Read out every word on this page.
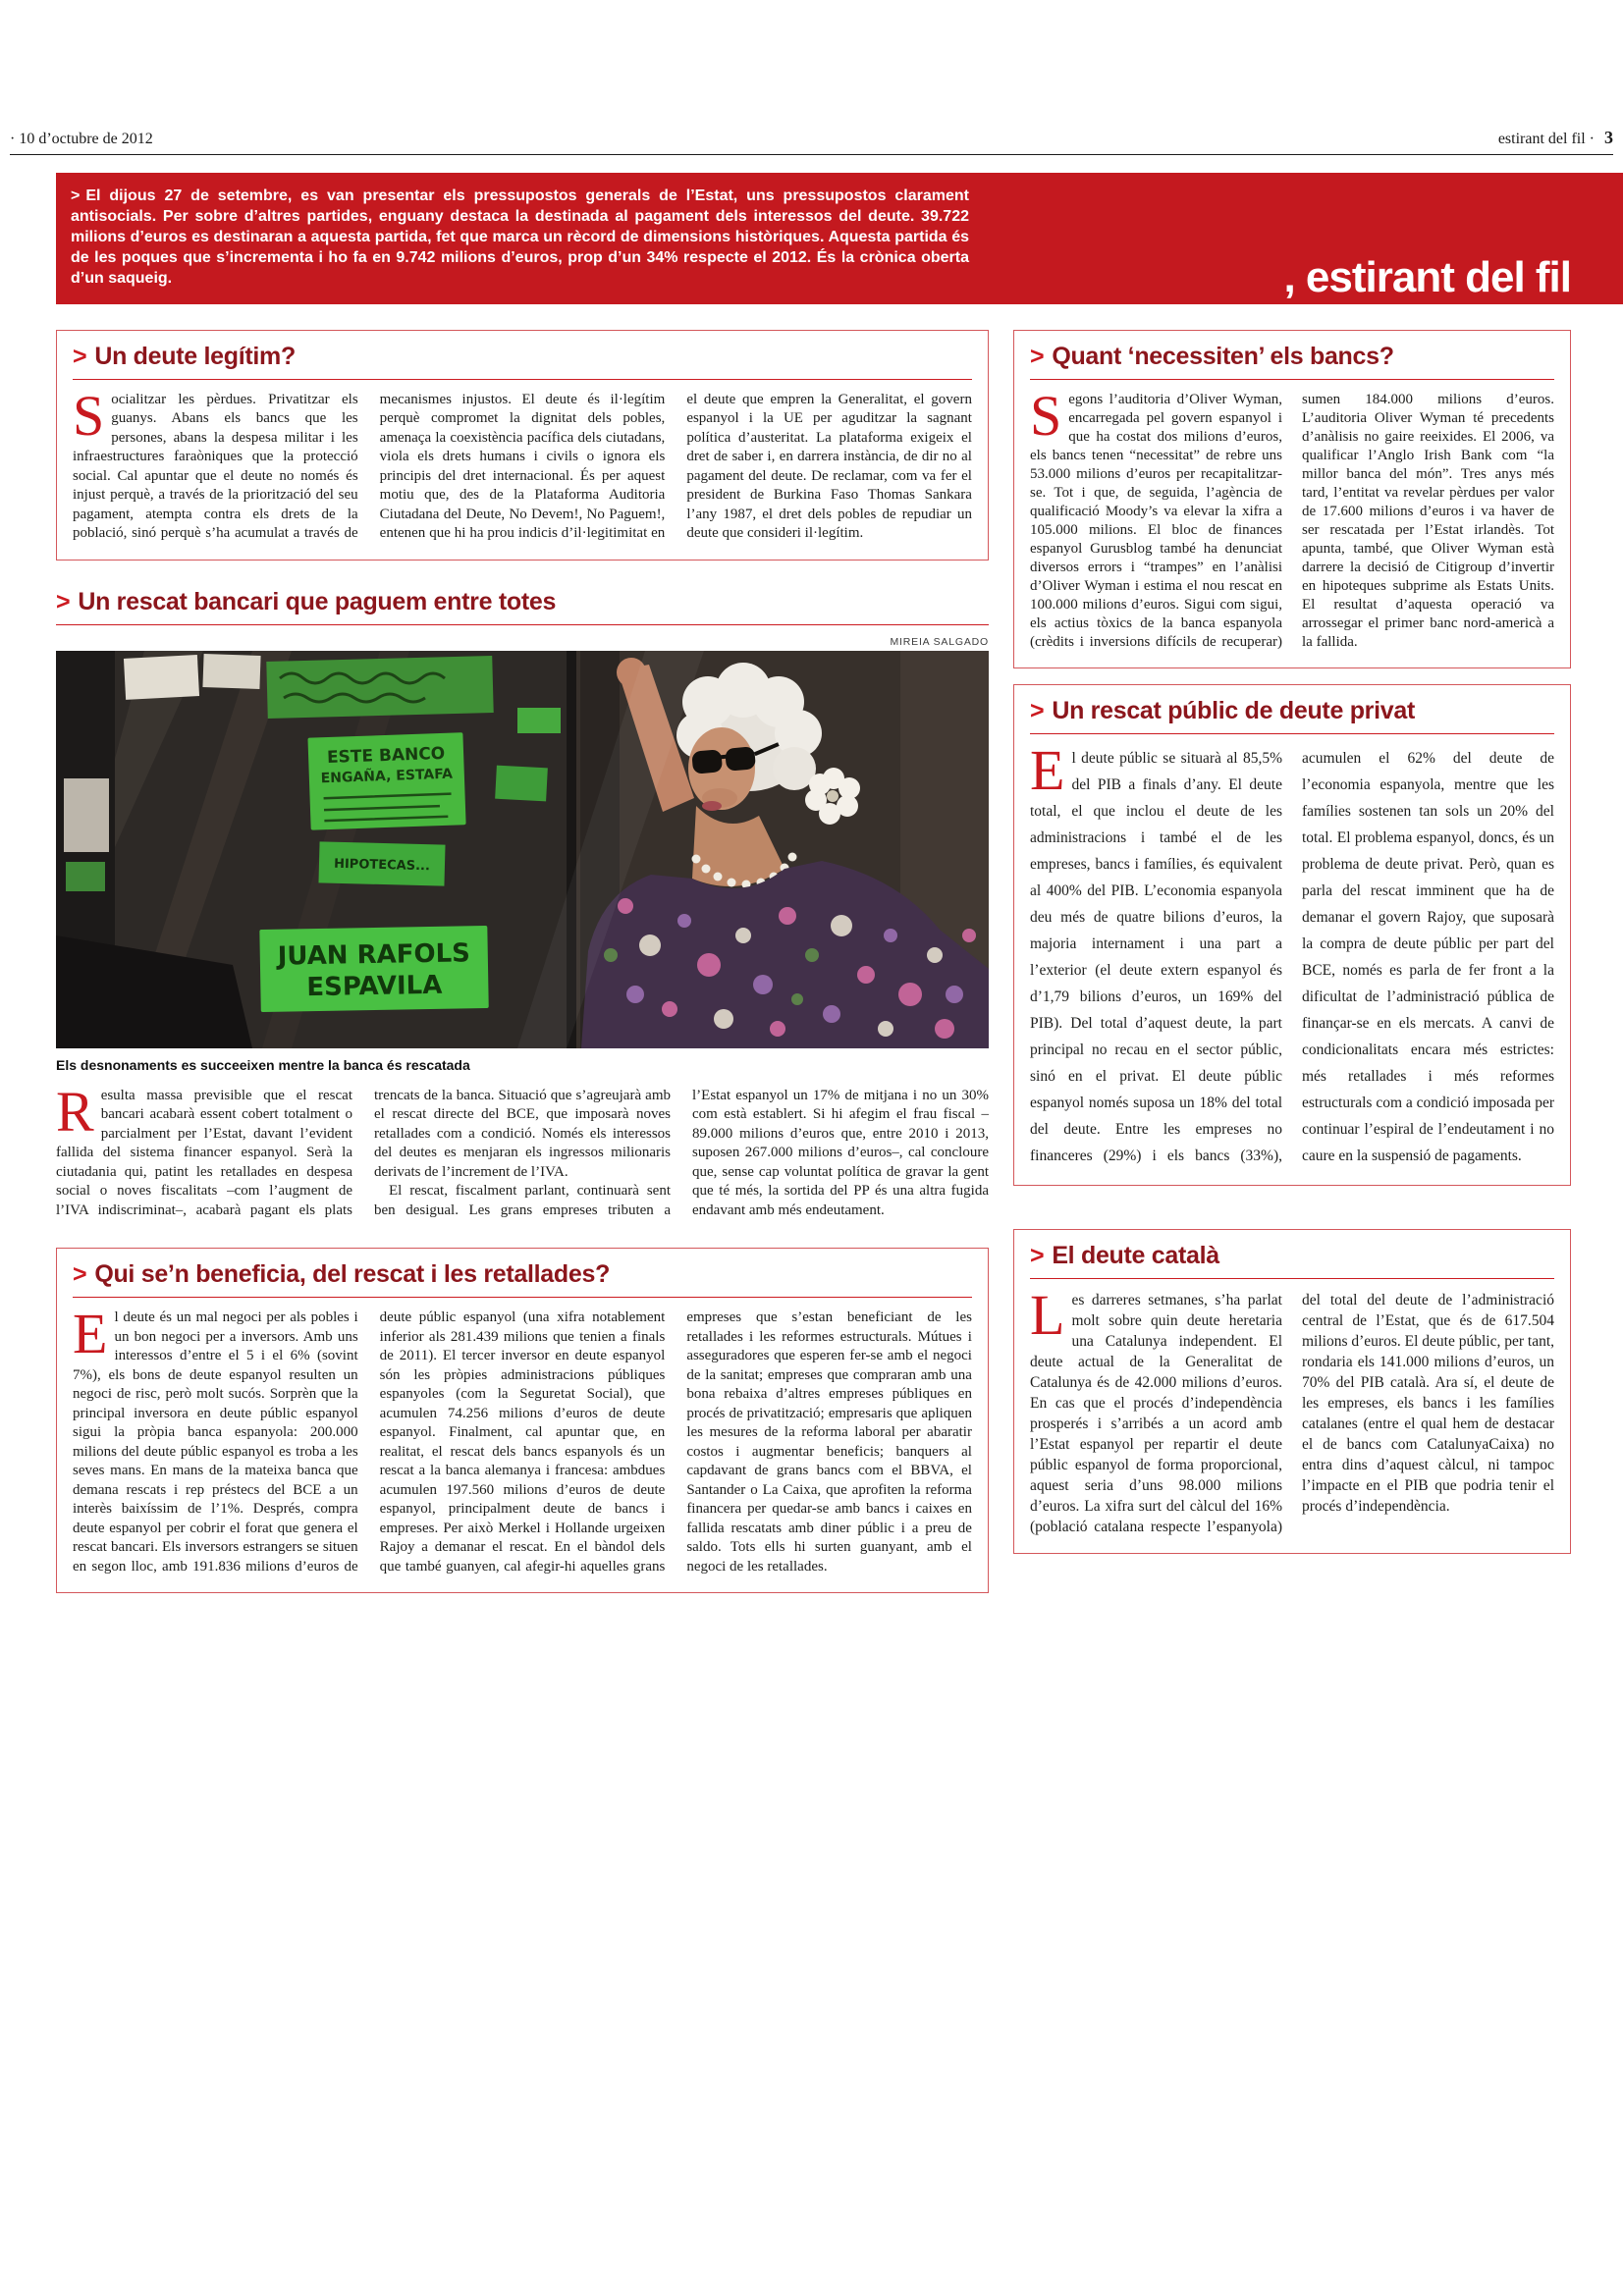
· 10 d’octubre de 2012	estirant del fil · 3
> El dijous 27 de setembre, es van presentar els pressupostos generals de l’Estat, uns pressupostos clarament antisocials. Per sobre d’altres partides, enguany destaca la destinada al pagament dels interessos del deute. 39.722 milions d’euros es destinaran a aquesta partida, fet que marca un rècord de dimensions històriques. Aquesta partida és de les poques que s’incrementa i ho fa en 9.742 milions d’euros, prop d’un 34% respecte el 2012. És la crònica oberta d’un saqueig.	, estirant del fil
> Un deute legítim?

Socialitzar les pèrdues. Privatitzar els guanys. Abans els bancs que les persones, abans la despesa militar i les infraestructures faraòniques que la protecció social. Cal apuntar que el deute no només és injust perquè, a través de la priorització del seu pagament, atempta contra els drets de la població, sinó perquè s’ha acumulat a través de mecanismes injustos. El deute és il·legítim perquè compromet la dignitat dels pobles, amenaça la coexistència pacífica dels ciutadans, viola els drets humans i civils o ignora els principis del dret internacional. És per aquest motiu que, des de la Plataforma Auditoria Ciutadana del Deute, No Devem!, No Paguem!, entenen que hi ha prou indicis d’il·legitimitat en el deute que empren la Generalitat, el govern espanyol i la UE per aguditzar la sagnant política d’austeritat. La plataforma exigeix el dret de saber i, en darrera instància, de dir no al pagament del deute. De reclamar, com va fer el president de Burkina Faso Thomas Sankara l’any 1987, el dret dels pobles de repudiar un deute que consideri il·legítim.

> Un rescat bancari que paguem entre totes
MIREIA SALGADO
ESTE BANCO
ENGAÑA, ESTAFA
HIPOTECAS...
JUAN RAFOLS
ESPAVILA
Els desnonaments es succeeixen mentre la banca és rescatada

Resulta massa previsible que el rescat bancari acabarà essent cobert totalment o parcialment per l’Estat, davant l’evident fallida del sistema financer espanyol. Serà la ciutadania qui, patint les retallades en despesa social o noves fiscalitats –com l’augment de l’IVA indiscriminat–, acabarà pagant els plats trencats de la banca. Situació que s’agreujarà amb el rescat directe del BCE, que imposarà noves retallades com a condició. Només els interessos del deutes es menjaran els ingressos milionaris derivats de l’increment de l’IVA.

El rescat, fiscalment parlant, continuarà sent ben desigual. Les grans empreses tributen a l’Estat espanyol un 17% de mitjana i no un 30% com està establert. Si hi afegim el frau fiscal –89.000 milions d’euros que, entre 2010 i 2013, suposen 267.000 milions d’euros–, cal concloure que, sense cap voluntat política de gravar la gent que té més, la sortida del PP és una altra fugida endavant amb més endeutament.

> Qui se’n beneficia, del rescat i les retallades?

El deute és un mal negoci per als pobles i un bon negoci per a inversors. Amb uns interessos d’entre el 5 i el 6% (sovint 7%), els bons de deute espanyol resulten un negoci de risc, però molt sucós. Sorprèn que la principal inversora en deute públic espanyol sigui la pròpia banca espanyola: 200.000 milions del deute públic espanyol es troba a les seves mans. En mans de la mateixa banca que demana rescats i rep préstecs del BCE a un interès baixíssim de l’1%. Després, compra deute espanyol per cobrir el forat que genera el rescat bancari. Els inversors estrangers se situen en segon lloc, amb 191.836 milions d’euros de deute públic espanyol (una xifra notablement inferior als 281.439 milions que tenien a finals de 2011). El tercer inversor en deute espanyol són les pròpies administracions públiques espanyoles (com la Seguretat Social), que acumulen 74.256 milions d’euros de deute espanyol. Finalment, cal apuntar que, en realitat, el rescat dels bancs espanyols és un rescat a la banca alemanya i francesa: ambdues acumulen 197.560 milions d’euros de deute espanyol, principalment deute de bancs i empreses. Per això Merkel i Hollande urgeixen Rajoy a demanar el rescat. En el bàndol dels que també guanyen, cal afegir-hi aquelles grans empreses que s’estan beneficiant de les retallades i les reformes estructurals. Mútues i asseguradores que esperen fer-se amb el negoci de la sanitat; empreses que compraran amb una bona rebaixa d’altres empreses públiques en procés de privatització; empresaris que apliquen les mesures de la reforma laboral per abaratir costos i augmentar beneficis; banquers al capdavant de grans bancs com el BBVA, el Santander o La Caixa, que aprofiten la reforma financera per quedar-se amb bancs i caixes en fallida rescatats amb diner públic i a preu de saldo. Tots ells hi surten guanyant, amb el negoci de les retallades.

> Quant ‘necessiten’ els bancs?

Segons l’auditoria d’Oliver Wyman, encarregada pel govern espanyol i que ha costat dos milions d’euros, els bancs tenen “necessitat” de rebre uns 53.000 milions d’euros per recapitalitzar-se. Tot i que, de seguida, l’agència de qualificació Moody’s va elevar la xifra a 105.000 milions. El bloc de finances espanyol Gurusblog també ha denunciat diversos errors i “trampes” en l’anàlisi d’Oliver Wyman i estima el nou rescat en 100.000 milions d’euros. Sigui com sigui, els actius tòxics de la banca espanyola (crèdits i inversions difícils de recuperar) sumen 184.000 milions d’euros. L’auditoria Oliver Wyman té precedents d’anàlisis no gaire reeixides. El 2006, va qualificar l’Anglo Irish Bank com “la millor banca del món”. Tres anys més tard, l’entitat va revelar pèrdues per valor de 17.600 milions d’euros i va haver de ser rescatada per l’Estat irlandès. Tot apunta, també, que Oliver Wyman està darrere la decisió de Citigroup d’invertir en hipoteques subprime als Estats Units. El resultat d’aquesta operació va arrossegar el primer banc nord-americà a la fallida.

> Un rescat públic de deute privat

El deute públic se situarà al 85,5% del PIB a finals d’any. El deute total, el que inclou el deute de les administracions i també el de les empreses, bancs i famílies, és equivalent al 400% del PIB. L’economia espanyola deu més de quatre bilions d’euros, la majoria internament i una part a l’exterior (el deute extern espanyol és d’1,79 bilions d’euros, un 169% del PIB). Del total d’aquest deute, la part principal no recau en el sector públic, sinó en el privat. El deute públic espanyol només suposa un 18% del total del deute. Entre les empreses no financeres (29%) i els bancs (33%), acumulen el 62% del deute de l’economia espanyola, mentre que les famílies sostenen tan sols un 20% del total. El problema espanyol, doncs, és un problema de deute privat. Però, quan es parla del rescat imminent que ha de demanar el govern Rajoy, que suposarà la compra de deute públic per part del BCE, només es parla de fer front a la dificultat de l’administració pública de finançar-se en els mercats. A canvi de condicionalitats encara més estrictes: més retallades i més reformes estructurals com a condició imposada per continuar l’espiral de l’endeutament i no caure en la suspensió de pagaments.

> El deute català

Les darreres setmanes, s’ha parlat molt sobre quin deute heretaria una Catalunya independent. El deute actual de la Generalitat de Catalunya és de 42.000 milions d’euros. En cas que el procés d’independència prosperés i s’arribés a un acord amb l’Estat espanyol per repartir el deute públic espanyol de forma proporcional, aquest seria d’uns 98.000 milions d’euros. La xifra surt del càlcul del 16% (població catalana respecte l’espanyola) del total del deute de l’administració central de l’Estat, que és de 617.504 milions d’euros. El deute públic, per tant, rondaria els 141.000 milions d’euros, un 70% del PIB català. Ara sí, el deute de les empreses, els bancs i les famílies catalanes (entre el qual hem de destacar el de bancs com CatalunyaCaixa) no entra dins d’aquest càlcul, ni tampoc l’impacte en el PIB que podria tenir el procés d’independència.
